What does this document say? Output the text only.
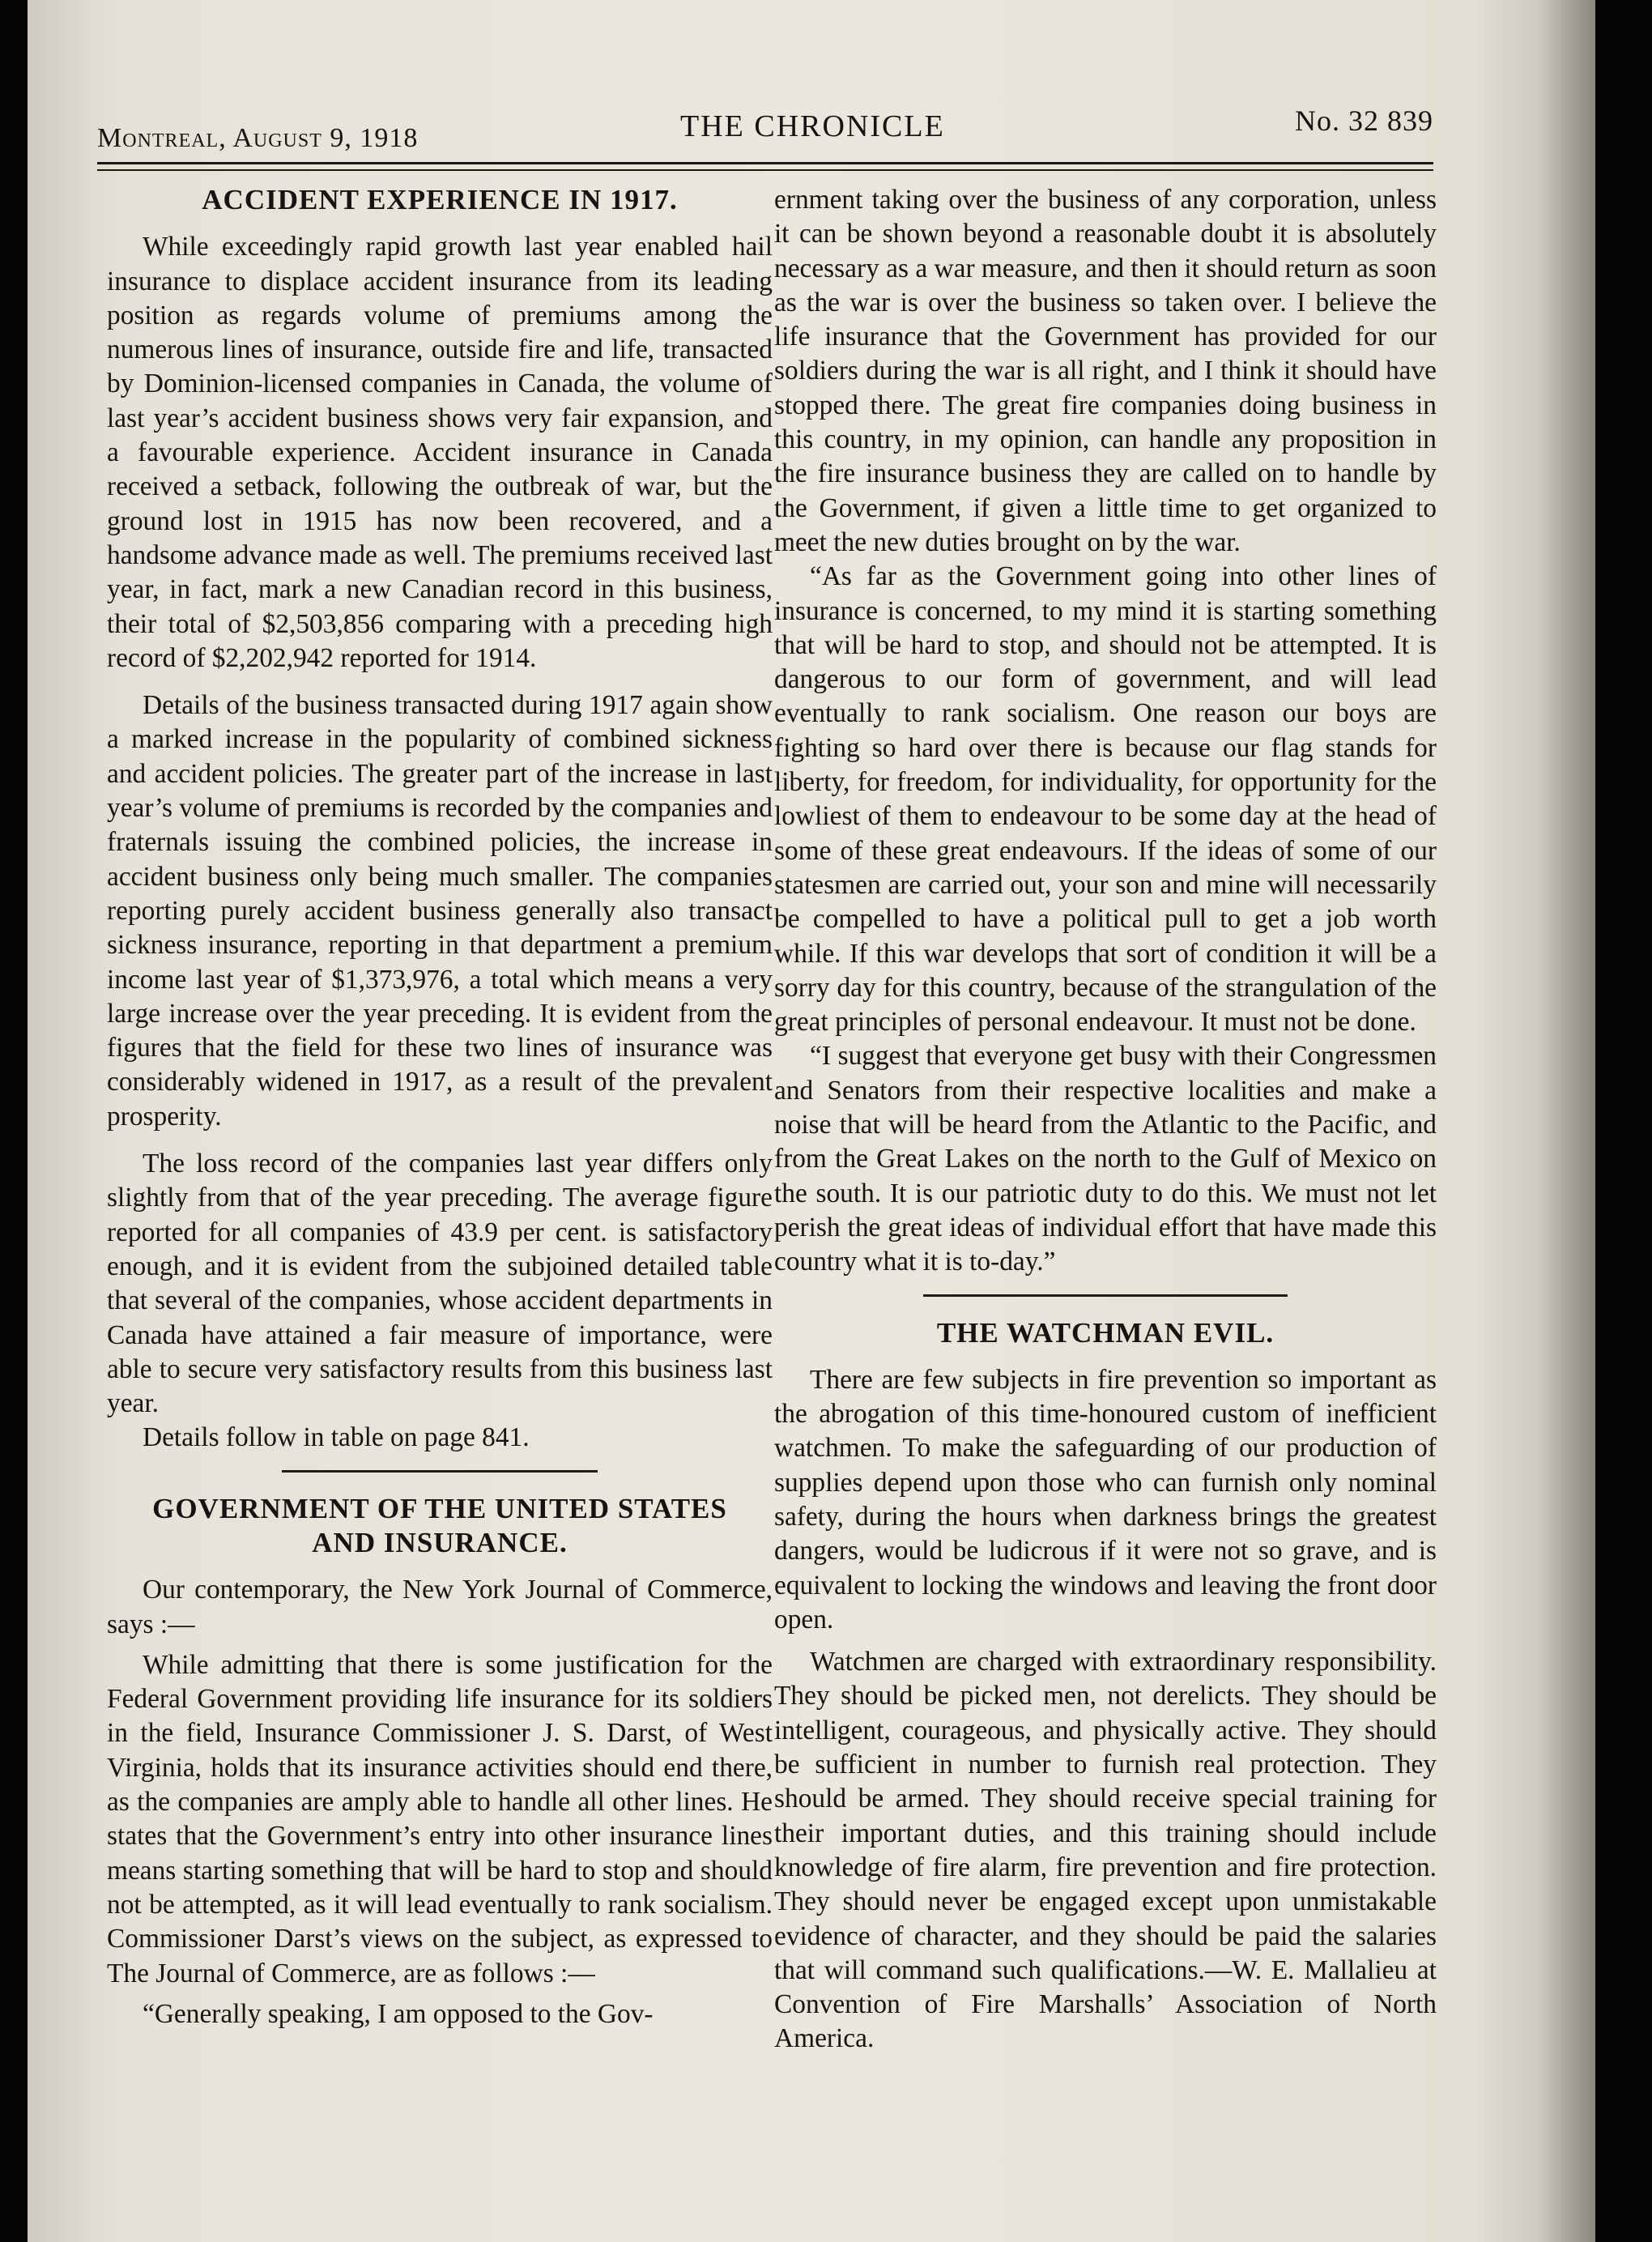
Montreal, August 9, 1918	THE CHRONICLE	No. 32 839
ACCIDENT EXPERIENCE IN 1917.

While exceedingly rapid growth last year enabled hail insurance to displace accident insurance from its leading position as regards volume of premiums among the numerous lines of insurance, outside fire and life, transacted by Dominion-licensed companies in Canada, the volume of last year’s accident business shows very fair expansion, and a favourable experience. Accident insurance in Canada received a setback, following the outbreak of war, but the ground lost in 1915 has now been recovered, and a handsome advance made as well. The premiums received last year, in fact, mark a new Canadian record in this business, their total of $2,503,856 comparing with a preceding high record of $2,202,942 reported for 1914.

Details of the business transacted during 1917 again show a marked increase in the popularity of combined sickness and accident policies. The greater part of the increase in last year’s volume of premiums is recorded by the companies and fraternals issuing the combined policies, the increase in accident business only being much smaller. The companies reporting purely accident business generally also transact sickness insurance, reporting in that department a premium income last year of $1,373,976, a total which means a very large increase over the year preceding. It is evident from the figures that the field for these two lines of insurance was considerably widened in 1917, as a result of the prevalent prosperity.

The loss record of the companies last year differs only slightly from that of the year preceding. The average figure reported for all companies of 43.9 per cent. is satisfactory enough, and it is evident from the subjoined detailed table that several of the companies, whose accident departments in Canada have attained a fair measure of importance, were able to secure very satisfactory results from this business last year.

Details follow in table on page 841.

GOVERNMENT OF THE UNITED STATES
AND INSURANCE.

Our contemporary, the New York Journal of Commerce, says :—

While admitting that there is some justification for the Federal Government providing life insurance for its soldiers in the field, Insurance Commissioner J. S. Darst, of West Virginia, holds that its insurance activities should end there, as the companies are amply able to handle all other lines. He states that the Government’s entry into other insurance lines means starting something that will be hard to stop and should not be attempted, as it will lead eventually to rank socialism. Commissioner Darst’s views on the subject, as expressed to The Journal of Commerce, are as follows :—

“Generally speaking, I am opposed to the Gov-

ernment taking over the business of any corporation, unless it can be shown beyond a reasonable doubt it is absolutely necessary as a war measure, and then it should return as soon as the war is over the business so taken over. I believe the life insurance that the Government has provided for our soldiers during the war is all right, and I think it should have stopped there. The great fire companies doing business in this country, in my opinion, can handle any proposition in the fire insurance business they are called on to handle by the Government, if given a little time to get organized to meet the new duties brought on by the war.

“As far as the Government going into other lines of insurance is concerned, to my mind it is starting something that will be hard to stop, and should not be attempted. It is dangerous to our form of government, and will lead eventually to rank socialism. One reason our boys are fighting so hard over there is because our flag stands for liberty, for freedom, for individuality, for opportunity for the lowliest of them to endeavour to be some day at the head of some of these great endeavours. If the ideas of some of our statesmen are carried out, your son and mine will necessarily be compelled to have a political pull to get a job worth while. If this war develops that sort of condition it will be a sorry day for this country, because of the strangulation of the great principles of personal endeavour. It must not be done.

“I suggest that everyone get busy with their Congressmen and Senators from their respective localities and make a noise that will be heard from the Atlantic to the Pacific, and from the Great Lakes on the north to the Gulf of Mexico on the south. It is our patriotic duty to do this. We must not let perish the great ideas of individual effort that have made this country what it is to-day.”

THE WATCHMAN EVIL.

There are few subjects in fire prevention so important as the abrogation of this time-honoured custom of inefficient watchmen. To make the safeguarding of our production of supplies depend upon those who can furnish only nominal safety, during the hours when darkness brings the greatest dangers, would be ludicrous if it were not so grave, and is equivalent to locking the windows and leaving the front door open.

Watchmen are charged with extraordinary responsibility. They should be picked men, not derelicts. They should be intelligent, courageous, and physically active. They should be sufficient in number to furnish real protection. They should be armed. They should receive special training for their important duties, and this training should include knowledge of fire alarm, fire prevention and fire protection. They should never be engaged except upon unmistakable evidence of character, and they should be paid the salaries that will command such qualifications.—W. E. Mallalieu at Convention of Fire Marshalls’ Association of North America.
